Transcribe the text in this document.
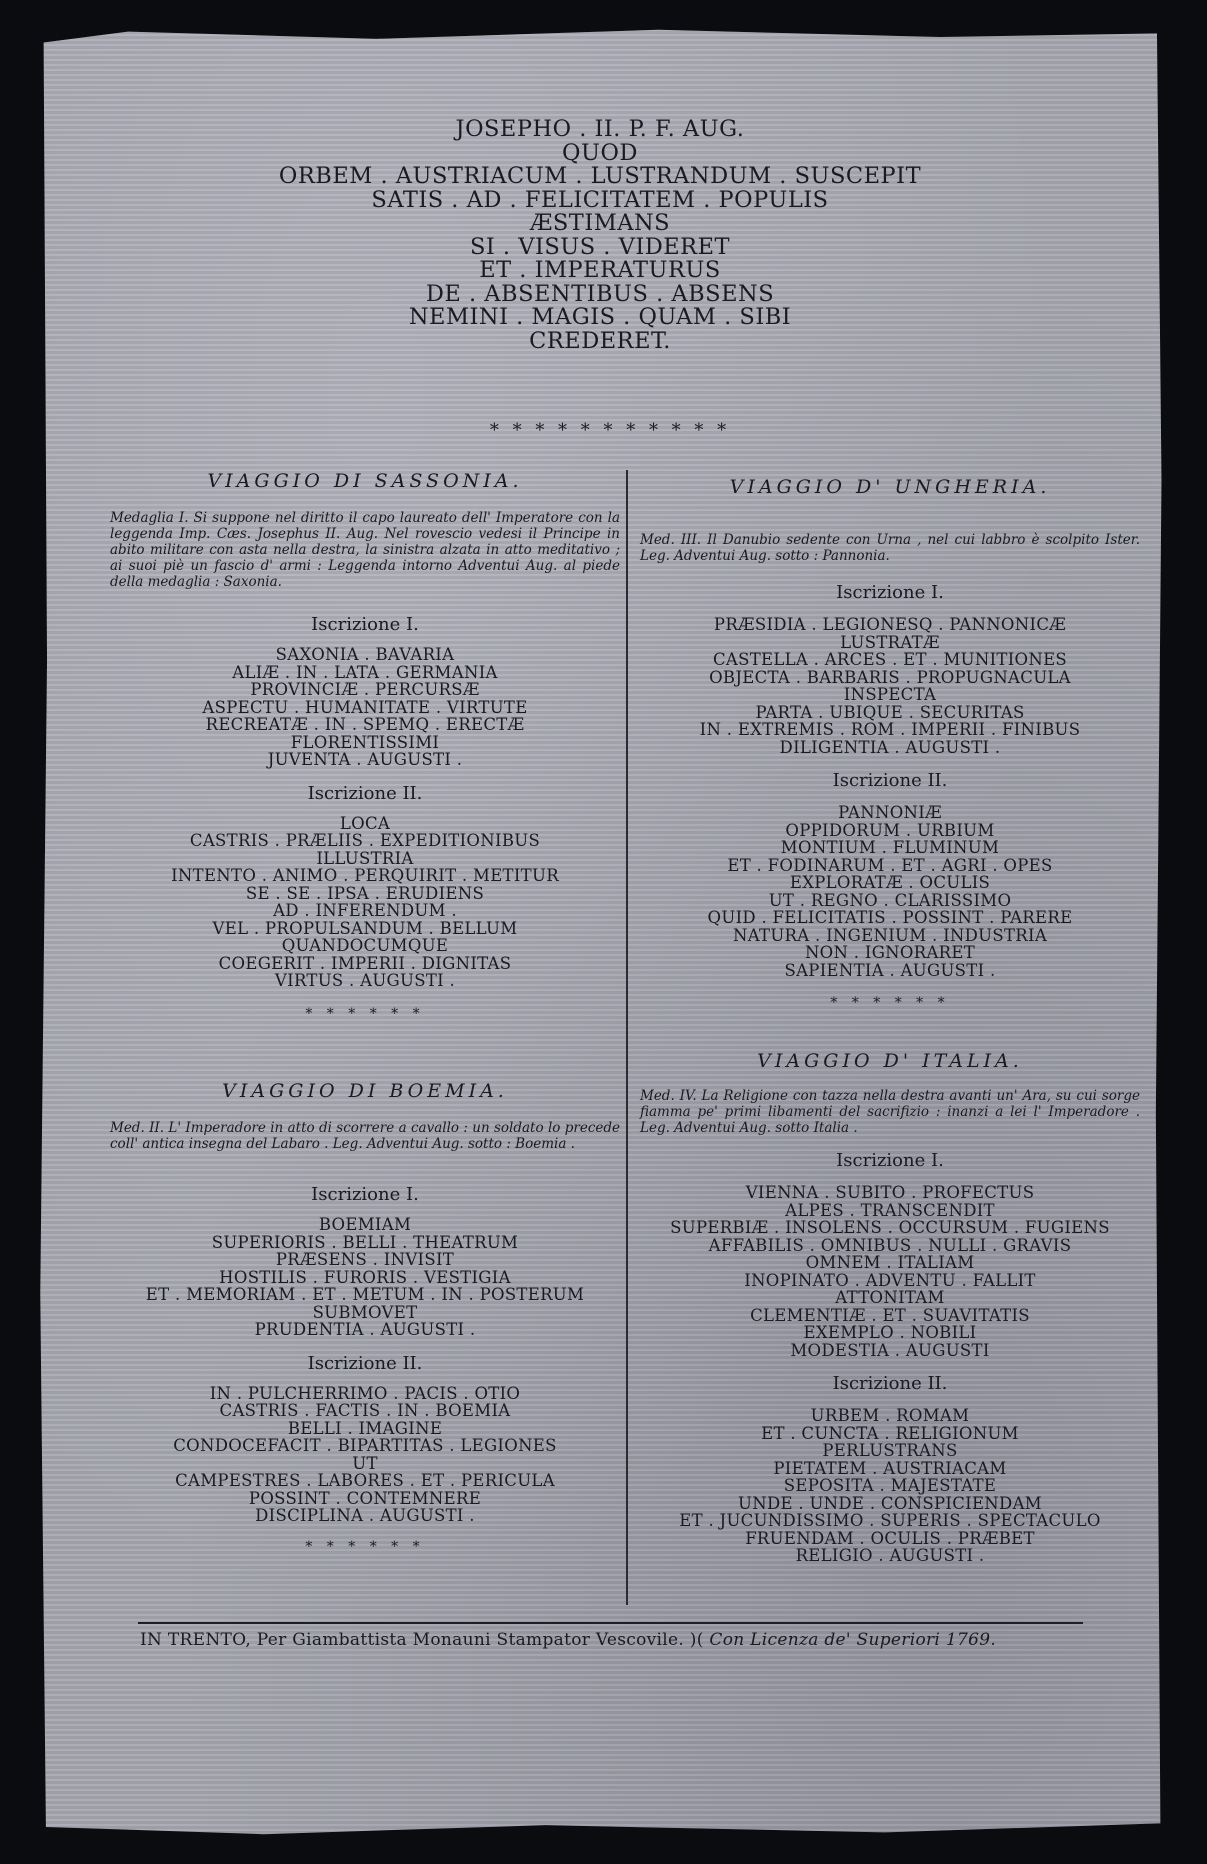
JOSEPHO . II. P. F. AUG.
QUOD
ORBEM . AUSTRIACUM . LUSTRANDUM . SUSCEPIT
SATIS . AD . FELICITATEM . POPULIS
ÆSTIMANS
SI . VISUS . VIDERET
ET . IMPERATURUS
DE . ABSENTIBUS . ABSENS
NEMINI . MAGIS . QUAM . SIBI
CREDERET.
* * * * * * * * * * *
VIAGGIO DI SASSONIA.
Medaglia I. Si suppone nel diritto il capo laureato dell' Imperatore con la leggenda Imp. Cæs. Josephus II. Aug. Nel rovescio vedesi il Principe in abito militare con asta nella destra, la sinistra alzata in atto meditativo ; ai suoi piè un fascio d' armi : Leggenda intorno Adventui Aug. al piede della medaglia : Saxonia.
Iscrizione I.
SAXONIA . BAVARIA
ALIÆ . IN . LATA . GERMANIA
PROVINCIÆ . PERCURSÆ
ASPECTU . HUMANITATE . VIRTUTE
RECREATÆ . IN . SPEMQ . ERECTÆ
FLORENTISSIMI
JUVENTA . AUGUSTI .
Iscrizione II.
LOCA
CASTRIS . PRÆLIIS . EXPEDITIONIBUS
ILLUSTRIA
INTENTO . ANIMO . PERQUIRIT . METITUR
SE . SE . IPSA . ERUDIENS
AD . INFERENDUM .
VEL . PROPULSANDUM . BELLUM
QUANDOCUMQUE
COEGERIT . IMPERII . DIGNITAS
VIRTUS . AUGUSTI .
* * * * * *
VIAGGIO DI BOEMIA.
Med. II. L' Imperadore in atto di scorrere a cavallo : un soldato lo precede coll' antica insegna del Labaro . Leg. Adventui Aug. sotto : Boemia .
Iscrizione I.
BOEMIAM
SUPERIORIS . BELLI . THEATRUM
PRÆSENS . INVISIT
HOSTILIS . FURORIS . VESTIGIA
ET . MEMORIAM . ET . METUM . IN . POSTERUM
SUBMOVET
PRUDENTIA . AUGUSTI .
Iscrizione II.
IN . PULCHERRIMO . PACIS . OTIO
CASTRIS . FACTIS . IN . BOEMIA
BELLI . IMAGINE
CONDOCEFACIT . BIPARTITAS . LEGIONES
UT
CAMPESTRES . LABORES . ET . PERICULA
POSSINT . CONTEMNERE
DISCIPLINA . AUGUSTI .
* * * * * *
VIAGGIO D' UNGHERIA.
Med. III. Il Danubio sedente con Urna , nel cui labbro è scolpito Ister. Leg. Adventui Aug. sotto : Pannonia.
Iscrizione I.
PRÆSIDIA . LEGIONESQ . PANNONICÆ
LUSTRATÆ
CASTELLA . ARCES . ET . MUNITIONES
OBJECTA . BARBARIS . PROPUGNACULA
INSPECTA
PARTA . UBIQUE . SECURITAS
IN . EXTREMIS . ROM . IMPERII . FINIBUS
DILIGENTIA . AUGUSTI .
Iscrizione II.
PANNONIÆ
OPPIDORUM . URBIUM
MONTIUM . FLUMINUM
ET . FODINARUM . ET . AGRI . OPES
EXPLORATÆ . OCULIS
UT . REGNO . CLARISSIMO
QUID . FELICITATIS . POSSINT . PARERE
NATURA . INGENIUM . INDUSTRIA
NON . IGNORARET
SAPIENTIA . AUGUSTI .
* * * * * *
VIAGGIO D' ITALIA.
Med. IV. La Religione con tazza nella destra avanti un' Ara, su cui sorge fiamma pe' primi libamenti del sacrifizio : inanzi a lei l' Imperadore . Leg. Adventui Aug. sotto Italia .
Iscrizione I.
VIENNA . SUBITO . PROFECTUS
ALPES . TRANSCENDIT
SUPERBIÆ . INSOLENS . OCCURSUM . FUGIENS
AFFABILIS . OMNIBUS . NULLI . GRAVIS
OMNEM . ITALIAM
INOPINATO . ADVENTU . FALLIT
ATTONITAM
CLEMENTIÆ . ET . SUAVITATIS
EXEMPLO . NOBILI
MODESTIA . AUGUSTI
Iscrizione II.
URBEM . ROMAM
ET . CUNCTA . RELIGIONUM
PERLUSTRANS
PIETATEM . AUSTRIACAM
SEPOSITA . MAJESTATE
UNDE . UNDE . CONSPICIENDAM
ET . JUCUNDISSIMO . SUPERIS . SPECTACULO
FRUENDAM . OCULIS . PRÆBET
RELIGIO . AUGUSTI .
IN TRENTO, Per Giambattista Monauni Stampator Vescovile. )( Con Licenza de' Superiori 1769.
